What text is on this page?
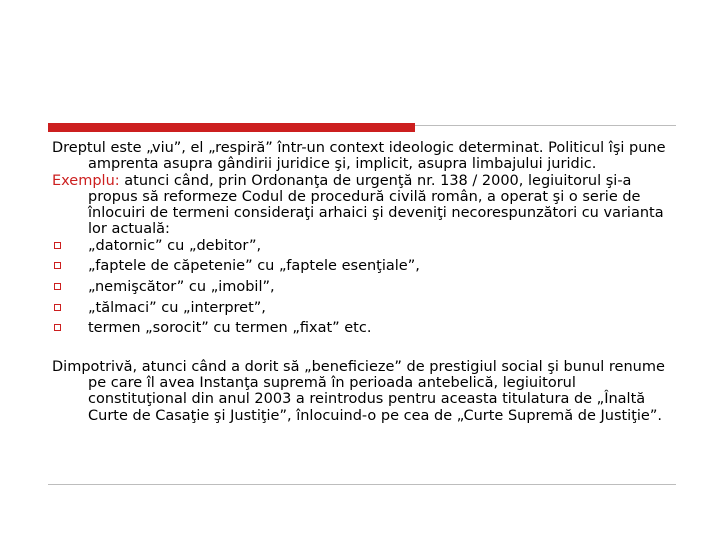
Dreptul este „viu”, el „respiră” într-un context ideologic determinat. Politicul îşi pune amprenta asupra gândirii juridice şi, implicit, asupra limbajului juridic.

Exemplu: atunci când, prin Ordonanţa de urgenţă nr. 138 / 2000, legiuitorul şi-a propus să reformeze Codul de procedură civilă român, a operat şi o serie de înlocuiri de termeni consideraţi arhaici şi deveniţi necorespunzători cu varianta lor actuală:

„datornic” cu „debitor”,
„faptele de căpetenie” cu „faptele esenţiale”,
„nemişcător” cu „imobil”,
„tălmaci” cu „interpret”,
termen „sorocit” cu termen „fixat” etc.

Dimpotrivă, atunci când a dorit să „beneficieze” de prestigiul social şi bunul renume pe care îl avea Instanţa supremă în perioada antebelică, legiuitorul constituţional din anul 2003 a reintrodus pentru aceasta titulatura de „Înaltă Curte de Casaţie şi Justiţie”, înlocuind-o pe cea de „Curte Supremă de Justiţie”.
